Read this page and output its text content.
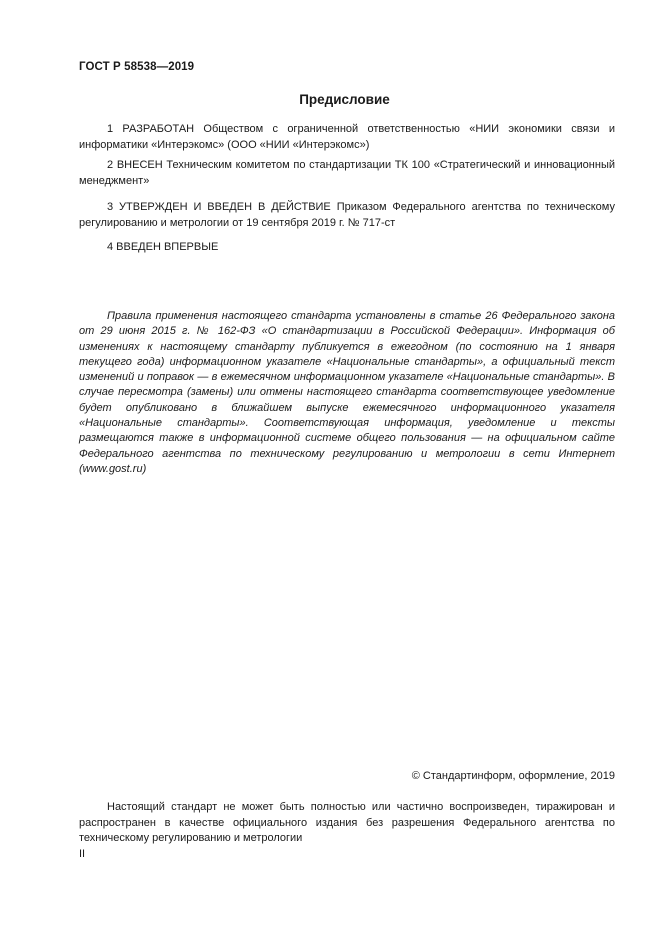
ГОСТ Р 58538—2019
Предисловие

1 РАЗРАБОТАН Обществом с ограниченной ответственностью «НИИ экономики связи и информатики «Интерэкомс» (ООО «НИИ «Интерэкомс»)

2 ВНЕСЕН Техническим комитетом по стандартизации ТК 100 «Стратегический и инновационный менеджмент»

3 УТВЕРЖДЕН И ВВЕДЕН В ДЕЙСТВИЕ Приказом Федерального агентства по техническому регулированию и метрологии от 19 сентября 2019 г. № 717-ст

4 ВВЕДЕН ВПЕРВЫЕ

Правила применения настоящего стандарта установлены в статье 26 Федерального закона от 29 июня 2015 г. № 162-ФЗ «О стандартизации в Российской Федерации». Информация об изменениях к настоящему стандарту публикуется в ежегодном (по состоянию на 1 января текущего года) информационном указателе «Национальные стандарты», а официальный текст изменений и поправок — в ежемесячном информационном указателе «Национальные стандарты». В случае пересмотра (замены) или отмены настоящего стандарта соответствующее уведомление будет опубликовано в ближайшем выпуске ежемесячного информационного указателя «Национальные стандарты». Соответствующая информация, уведомление и тексты размещаются также в информационной системе общего пользования — на официальном сайте Федерального агентства по техническому регулированию и метрологии в сети Интернет (www.gost.ru)

© Стандартинформ, оформление, 2019

Настоящий стандарт не может быть полностью или частично воспроизведен, тиражирован и распространен в качестве официального издания без разрешения Федерального агентства по техническому регулированию и метрологии

II
